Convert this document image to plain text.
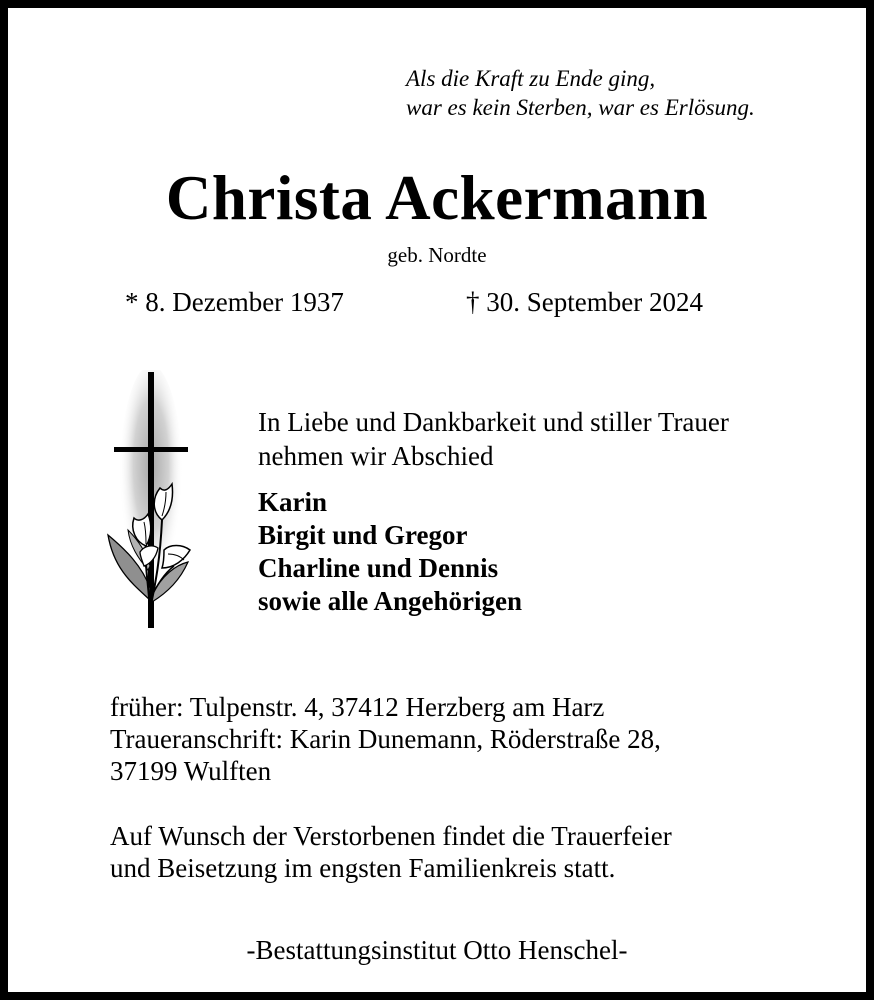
Als die Kraft zu Ende ging,
war es kein Sterben, war es Erlösung.
Christa Ackermann
geb. Nordte
* 8. Dezember 1937	† 30. September 2024
In Liebe und Dankbarkeit und stiller Trauer
nehmen wir Abschied
Karin
Birgit und Gregor
Charline und Dennis
sowie alle Angehörigen
früher: Tulpenstr. 4, 37412 Herzberg am Harz
Traueranschrift: Karin Dunemann, Röderstraße 28,
37199 Wulften
Auf Wunsch der Verstorbenen findet die Trauerfeier
und Beisetzung im engsten Familienkreis statt.
-Bestattungsinstitut Otto Henschel-
